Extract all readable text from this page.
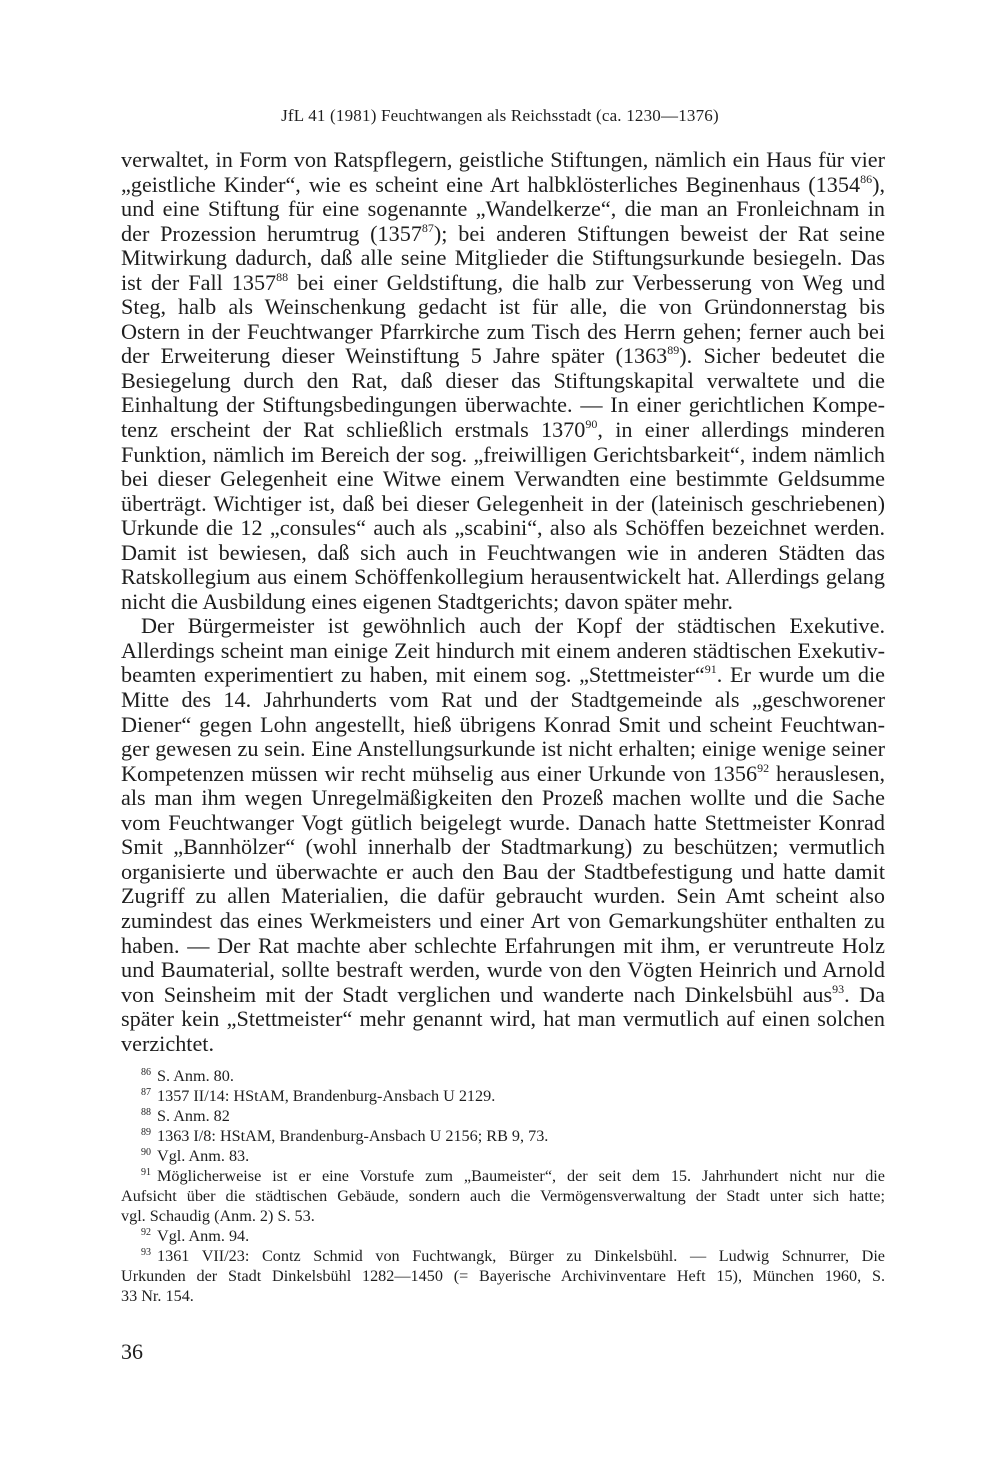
JfL 41 (1981) Feuchtwangen als Reichsstadt (ca. 1230—1376)
verwaltet, in Form von Ratspflegern, geistliche Stiftungen, nämlich ein Haus für vier
„geistliche Kinder“, wie es scheint eine Art halbklösterliches Beginenhaus (1354$^{86}$),
und eine Stiftung für eine sogenannte „Wandelkerze“, die man an Fronleichnam in
der Prozession herumtrug (1357$^{87}$); bei anderen Stiftungen beweist der Rat seine
Mitwirkung dadurch, daß alle seine Mitglieder die Stiftungsurkunde besiegeln. Das
ist der Fall 1357$^{88}$ bei einer Geldstiftung, die halb zur Verbesserung von Weg und
Steg, halb als Weinschenkung gedacht ist für alle, die von Gründonnerstag bis
Ostern in der Feuchtwanger Pfarrkirche zum Tisch des Herrn gehen; ferner auch bei
der Erweiterung dieser Weinstiftung 5 Jahre später (1363$^{89}$). Sicher bedeutet die
Besiegelung durch den Rat, daß dieser das Stiftungskapital verwaltete und die
Einhaltung der Stiftungsbedingungen überwachte. — In einer gerichtlichen Kompe-
tenz erscheint der Rat schließlich erstmals 1370$^{90}$, in einer allerdings minderen
Funktion, nämlich im Bereich der sog. „freiwilligen Gerichtsbarkeit“, indem nämlich
bei dieser Gelegenheit eine Witwe einem Verwandten eine bestimmte Geldsumme
überträgt. Wichtiger ist, daß bei dieser Gelegenheit in der (lateinisch geschriebenen)
Urkunde die 12 „consules“ auch als „scabini“, also als Schöffen bezeichnet werden.
Damit ist bewiesen, daß sich auch in Feuchtwangen wie in anderen Städten das
Ratskollegium aus einem Schöffenkollegium herausentwickelt hat. Allerdings gelang
nicht die Ausbildung eines eigenen Stadtgerichts; davon später mehr.
Der Bürgermeister ist gewöhnlich auch der Kopf der städtischen Exekutive.
Allerdings scheint man einige Zeit hindurch mit einem anderen städtischen Exekutiv-
beamten experimentiert zu haben, mit einem sog. „Stettmeister“$^{91}$. Er wurde um die
Mitte des 14. Jahrhunderts vom Rat und der Stadtgemeinde als „geschworener
Diener“ gegen Lohn angestellt, hieß übrigens Konrad Smit und scheint Feuchtwan-
ger gewesen zu sein. Eine Anstellungsurkunde ist nicht erhalten; einige wenige seiner
Kompetenzen müssen wir recht mühselig aus einer Urkunde von 1356$^{92}$ herauslesen,
als man ihm wegen Unregelmäßigkeiten den Prozeß machen wollte und die Sache
vom Feuchtwanger Vogt gütlich beigelegt wurde. Danach hatte Stettmeister Konrad
Smit „Bannhölzer“ (wohl innerhalb der Stadtmarkung) zu beschützen; vermutlich
organisierte und überwachte er auch den Bau der Stadtbefestigung und hatte damit
Zugriff zu allen Materialien, die dafür gebraucht wurden. Sein Amt scheint also
zumindest das eines Werkmeisters und einer Art von Gemarkungshüter enthalten zu
haben. — Der Rat machte aber schlechte Erfahrungen mit ihm, er veruntreute Holz
und Baumaterial, sollte bestraft werden, wurde von den Vögten Heinrich und Arnold
von Seinsheim mit der Stadt verglichen und wanderte nach Dinkelsbühl aus$^{93}$. Da
später kein „Stettmeister“ mehr genannt wird, hat man vermutlich auf einen solchen
verzichtet.
$^{86}$ S. Anm. 80.
$^{87}$ 1357 II/14: HStAM, Brandenburg-Ansbach U 2129.
$^{88}$ S. Anm. 82
$^{89}$ 1363 I/8: HStAM, Brandenburg-Ansbach U 2156; RB 9, 73.
$^{90}$ Vgl. Anm. 83.
$^{91}$ Möglicherweise ist er eine Vorstufe zum „Baumeister“, der seit dem 15. Jahrhundert nicht nur die
Aufsicht über die städtischen Gebäude, sondern auch die Vermögensverwaltung der Stadt unter sich hatte;
vgl. Schaudig (Anm. 2) S. 53.
$^{92}$ Vgl. Anm. 94.
$^{93}$ 1361 VII/23: Contz Schmid von Fuchtwangk, Bürger zu Dinkelsbühl. — Ludwig Schnurrer, Die
Urkunden der Stadt Dinkelsbühl 1282—1450 (= Bayerische Archivinventare Heft 15), München 1960, S.
33 Nr. 154.
36
